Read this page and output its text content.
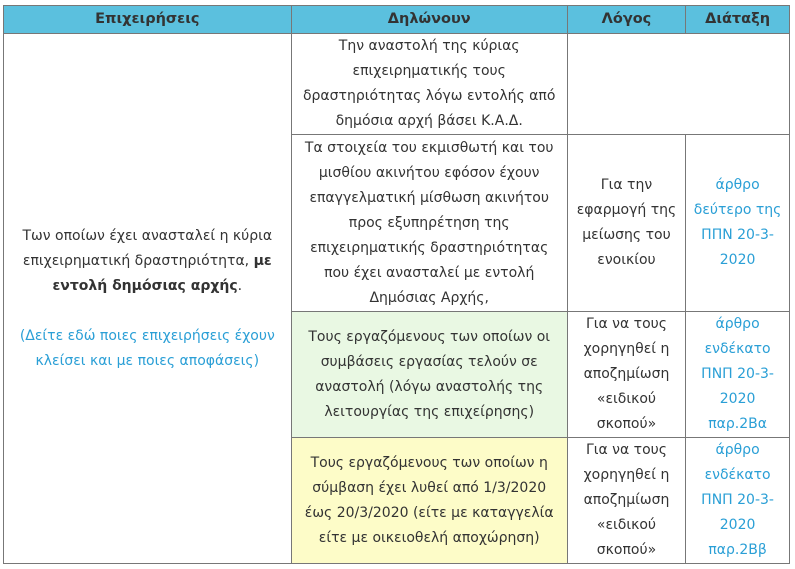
Επιχειρήσεις	Δηλώνουν	Λόγος	Διάταξη
Των οποίων έχει ανασταλεί η κύρια επιχειρηματική δραστηριότητα, με εντολή δημόσιας αρχής.
(Δείτε εδώ ποιες επιχειρήσεις έχουν κλείσει και με ποιες αποφάσεις)	Την αναστολή της κύριας επιχειρηματικής τους δραστηριότητας λόγω εντολής από δημόσια αρχή βάσει Κ.Α.Δ.		
	Τα στοιχεία του εκμισθωτή και του μισθίου ακινήτου εφόσον έχουν επαγγελματική μίσθωση ακινήτου προς εξυπηρέτηση της επιχειρηματικής δραστηριότητας που έχει ανασταλεί με εντολή Δημόσιας Αρχής,	Για την εφαρμογή της μείωσης του ενοικίου	άρθρο δεύτερο της ΠΠΝ 20-3-2020
	Τους εργαζόμενους των οποίων οι συμβάσεις εργασίας τελούν σε αναστολή (λόγω αναστολής της λειτουργίας της επιχείρησης)	Για να τους χορηγηθεί η αποζημίωση «ειδικού σκοπού»	άρθρο ενδέκατο ΠΝΠ 20-3-2020 παρ.2Βα
	Τους εργαζόμενους των οποίων η σύμβαση έχει λυθεί από 1/3/2020 έως 20/3/2020 (είτε με καταγγελία είτε με οικειοθελή αποχώρηση)	Για να τους χορηγηθεί η αποζημίωση «ειδικού σκοπού»	άρθρο ενδέκατο ΠΝΠ 20-3-2020 παρ.2Ββ
